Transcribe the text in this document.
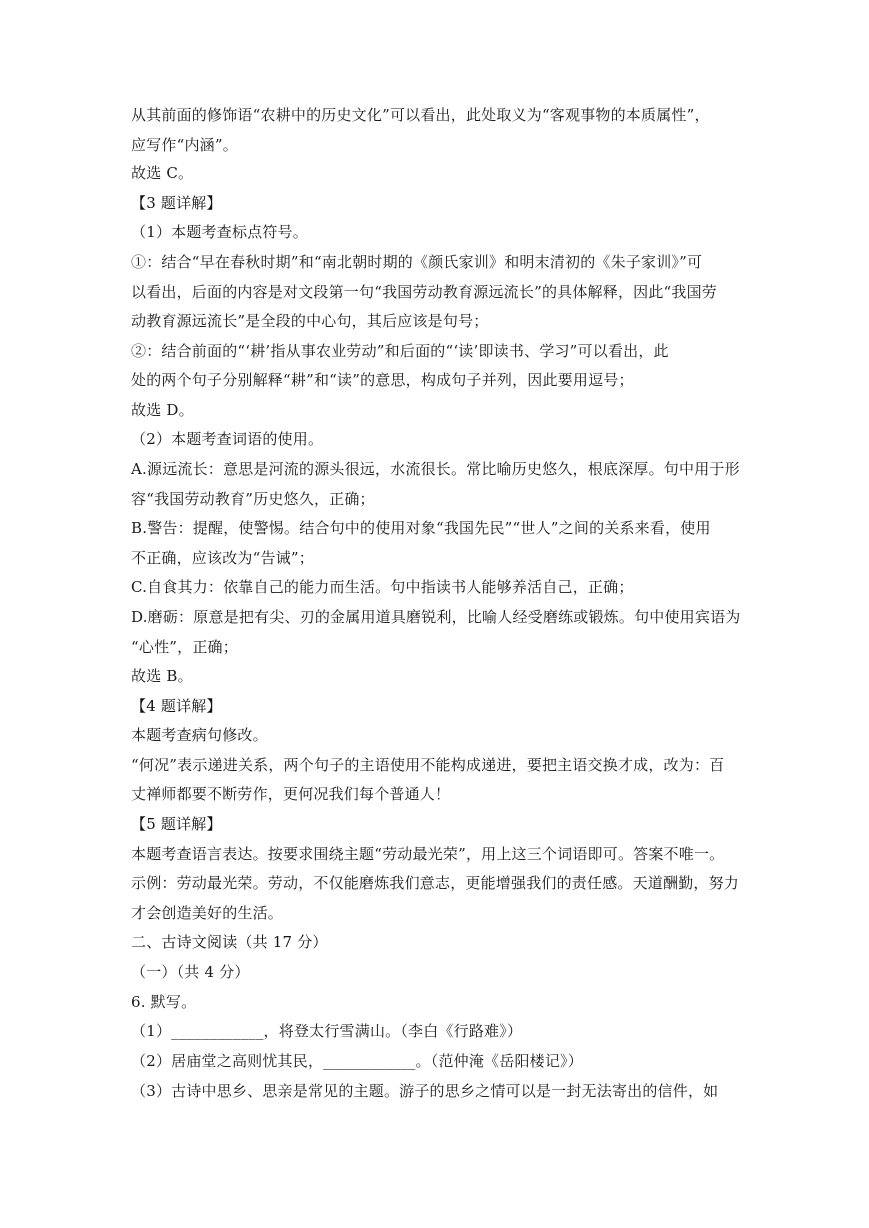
从其前面的修饰语“农耕中的历史文化”可以看出，此处取义为“客观事物的本质属性”，
应写作“内涵”。
故选 C。
【3 题详解】
（1）本题考查标点符号。
①：结合“早在春秋时期”和“南北朝时期的《颜氏家训》和明末清初的《朱子家训》”可
以看出，后面的内容是对文段第一句“我国劳动教育源远流长”的具体解释，因此“我国劳
动教育源远流长”是全段的中心句，其后应该是句号；
②：结合前面的“‘耕’指从事农业劳动”和后面的“‘读’即读书、学习”可以看出，此
处的两个句子分别解释“耕”和“读”的意思，构成句子并列，因此要用逗号；
故选 D。
（2）本题考查词语的使用。
A.源远流长：意思是河流的源头很远，水流很长。常比喻历史悠久，根底深厚。句中用于形
容“我国劳动教育”历史悠久，正确；
B.警告：提醒，使警惕。结合句中的使用对象“我国先民”“世人”之间的关系来看，使用
不正确，应该改为“告诫”；
C.自食其力：依靠自己的能力而生活。句中指读书人能够养活自己，正确；
D.磨砺：原意是把有尖、刃的金属用道具磨锐利，比喻人经受磨练或锻炼。句中使用宾语为
“心性”，正确；
故选 B。
【4 题详解】
本题考查病句修改。
“何况”表示递进关系，两个句子的主语使用不能构成递进，要把主语交换才成，改为：百
丈禅师都要不断劳作，更何况我们每个普通人！
【5 题详解】
本题考查语言表达。按要求围绕主题“劳动最光荣”，用上这三个词语即可。答案不唯一。
示例：劳动最光荣。劳动，不仅能磨炼我们意志，更能增强我们的责任感。天道酬勤，努力
才会创造美好的生活。
二、古诗文阅读（共 17 分）
（一）（共 4 分）
6. 默写。
（1）____________，将登太行雪满山。（李白《行路难》）
（2）居庙堂之高则忧其民，____________。（范仲淹《岳阳楼记》）
（3）古诗中思乡、思亲是常见的主题。游子的思乡之情可以是一封无法寄出的信件，如
